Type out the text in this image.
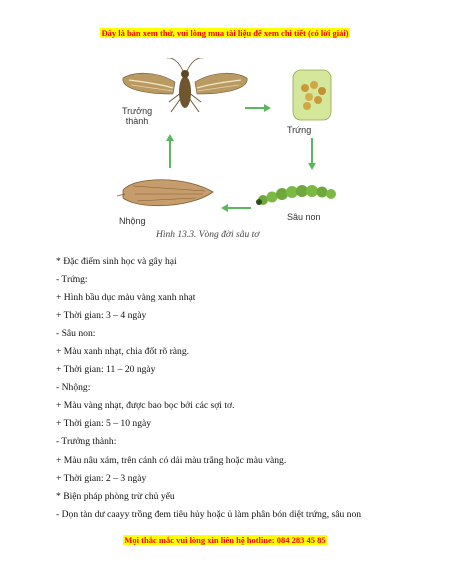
Đây là bản xem thử, vui lòng mua tài liệu để xem chi tiết (có lời giải)
Trưởng
thành
Trứng
Sâu non
Nhộng
Hình 13.3. Vòng đời sâu tơ
* Đặc điểm sinh học và gây hại
- Trứng:
+ Hình bầu dục màu vàng xanh nhạt
+ Thời gian: 3 – 4 ngày
- Sâu non:
+ Màu xanh nhạt, chia đốt rõ ràng.
+ Thời gian: 11 – 20 ngày
- Nhộng:
+ Màu vàng nhạt, được bao bọc bởi các sợi tơ.
+ Thời gian: 5 – 10 ngày
- Trưởng thành:
+ Màu nâu xám, trên cánh có dải màu trắng hoặc màu vàng.
+ Thời gian: 2 – 3 ngày
* Biện pháp phòng trừ chủ yếu
- Dọn tàn dư caayy trồng đem tiêu hủy hoặc ủ làm phân bón diệt trứng, sâu non
Mọi thắc mắc vui lòng xin liên hệ hotline: 084 283 45 85
